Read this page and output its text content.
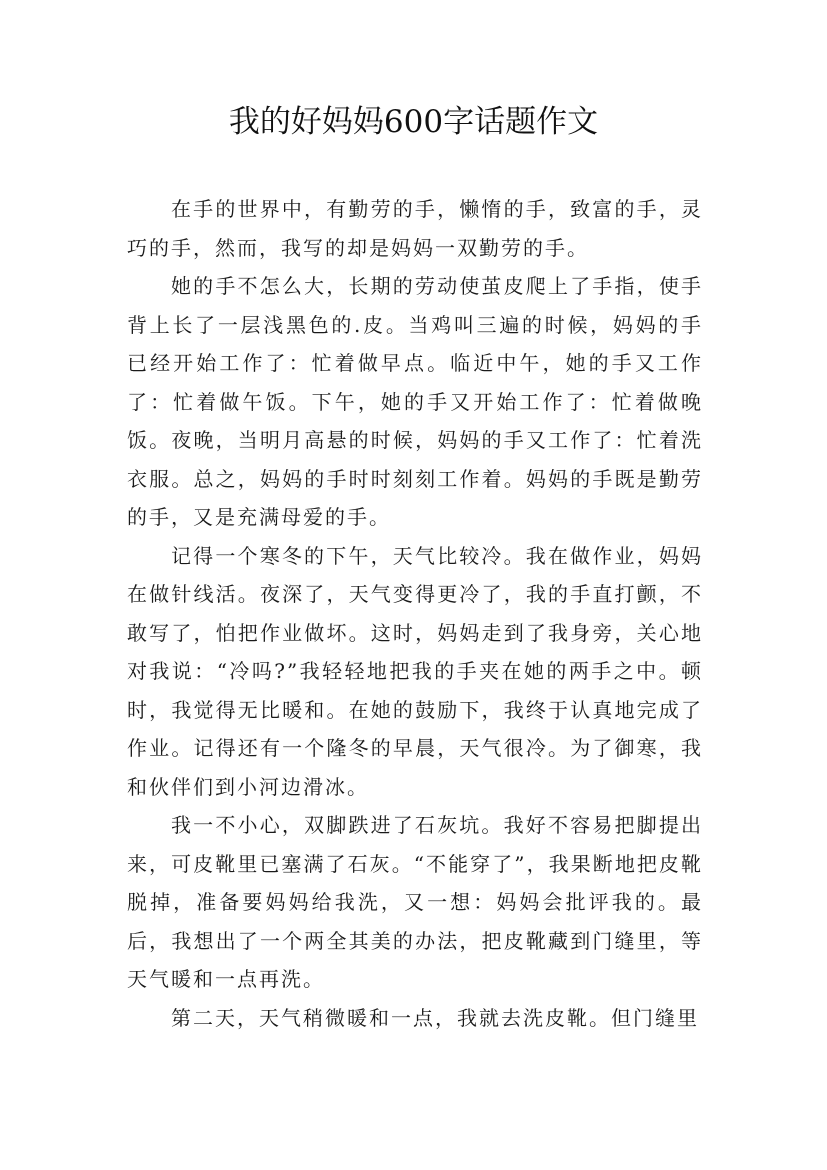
我的好妈妈600字话题作文

在手的世界中，有勤劳的手，懒惰的手，致富的手，灵巧的手，然而，我写的却是妈妈一双勤劳的手。

她的手不怎么大，长期的劳动使茧皮爬上了手指，使手背上长了一层浅黑色的.皮。当鸡叫三遍的时候，妈妈的手已经开始工作了：忙着做早点。临近中午，她的手又工作了：忙着做午饭。下午，她的手又开始工作了：忙着做晚饭。夜晚，当明月高悬的时候，妈妈的手又工作了：忙着洗衣服。总之，妈妈的手时时刻刻工作着。妈妈的手既是勤劳的手，又是充满母爱的手。

记得一个寒冬的下午，天气比较冷。我在做作业，妈妈在做针线活。夜深了，天气变得更冷了，我的手直打颤，不敢写了，怕把作业做坏。这时，妈妈走到了我身旁，关心地对我说：“冷吗?”我轻轻地把我的手夹在她的两手之中。顿时，我觉得无比暖和。在她的鼓励下，我终于认真地完成了作业。记得还有一个隆冬的早晨，天气很冷。为了御寒，我和伙伴们到小河边滑冰。

我一不小心，双脚跌进了石灰坑。我好不容易把脚提出来，可皮靴里已塞满了石灰。“不能穿了”，我果断地把皮靴脱掉，准备要妈妈给我洗，又一想：妈妈会批评我的。最后，我想出了一个两全其美的办法，把皮靴藏到门缝里，等天气暖和一点再洗。

第二天，天气稍微暖和一点，我就去洗皮靴。但门缝里
